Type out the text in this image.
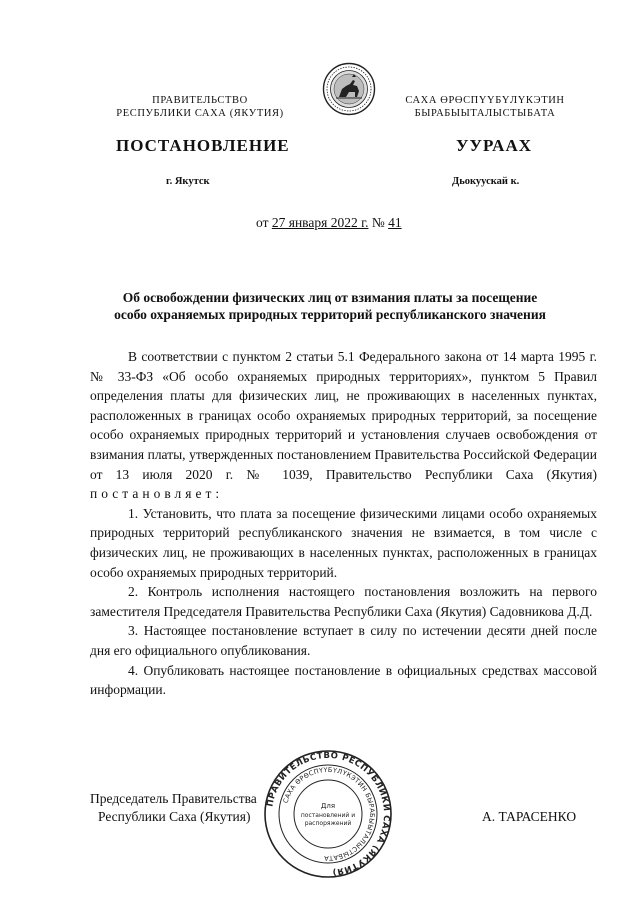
ПРАВИТЕЛЬСТВО
РЕСПУБЛИКИ САХА (ЯКУТИЯ)
САХА ӨРӨСПҮҮБҮЛҮКЭТИН
БЫРАБЫЫТАЛЫСТЫБАТА
ПОСТАНОВЛЕНИЕ	УУРААХ
г. Якутск	Дьокуускай к.
от 27 января 2022 г. № 41
Об освобождении физических лиц от взимания платы за посещение
особо охраняемых природных территорий республиканского значения

В соответствии с пунктом 2 статьи 5.1 Федерального закона от 14 марта 1995 г. № 33-ФЗ «Об особо охраняемых природных территориях», пунктом 5 Правил определения платы для физических лиц, не проживающих в населенных пунктах, расположенных в границах особо охраняемых природных территорий, за посещение особо охраняемых природных территорий и установления случаев освобождения от взимания платы, утвержденных постановлением Правительства Российской Федерации от 13 июля 2020 г. № 1039, Правительство Республики Саха (Якутия) постановляет:

1. Установить, что плата за посещение физическими лицами особо охраняемых природных территорий республиканского значения не взимается, в том числе с физических лиц, не проживающих в населенных пунктах, расположенных в границах особо охраняемых природных территорий.

2. Контроль исполнения настоящего постановления возложить на первого заместителя Председателя Правительства Республики Саха (Якутия) Садовникова Д.Д.

3. Настоящее постановление вступает в силу по истечении десяти дней после дня его официального опубликования.

4. Опубликовать настоящее постановление в официальных средствах массовой информации.

ПРАВИТЕЛЬСТВО РЕСПУБЛИКИ САХА (ЯКУТИЯ)
САХА ӨРӨСПҮҮБҮЛҮКЭТИН БЫРАБЫЫТАЛЫСТЫБАТА
Для
постановлений и
распоряжений
Председатель Правительства
Республики Саха (Якутия)	А. ТАРАСЕНКО
